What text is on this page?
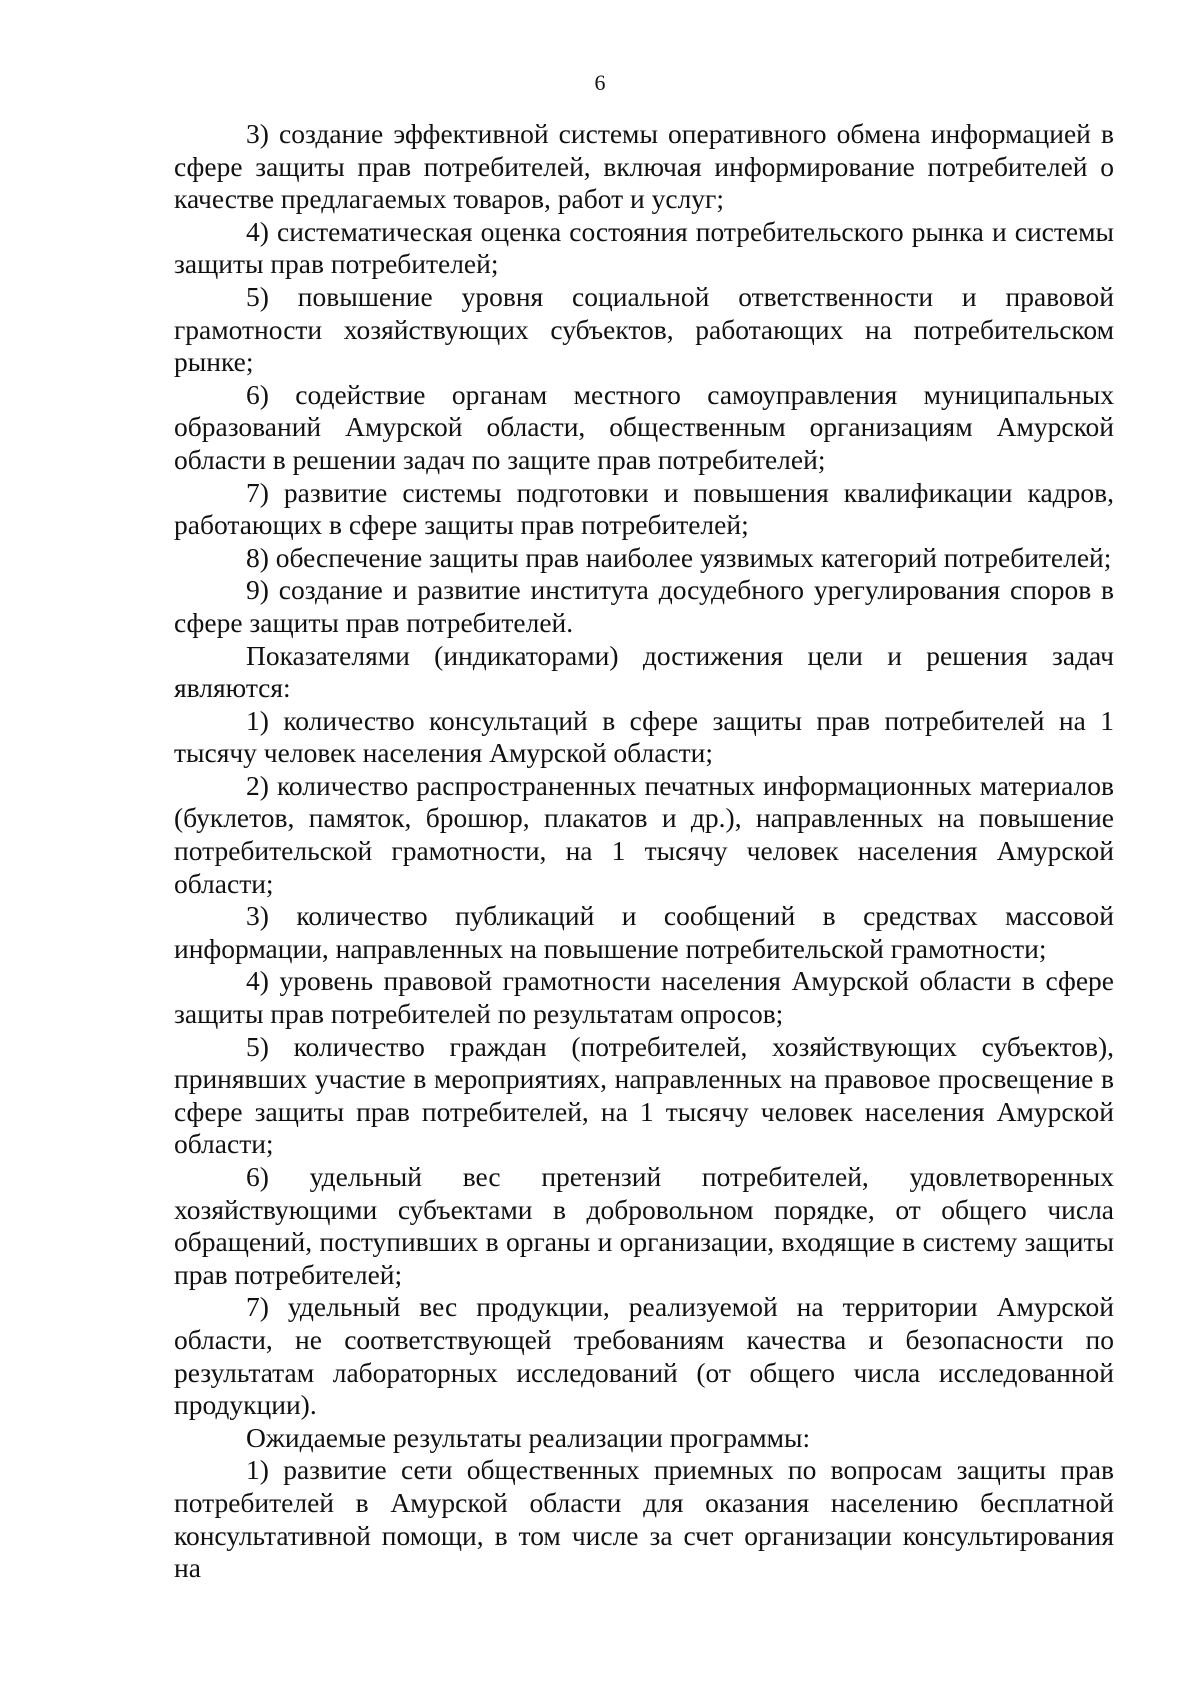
6

3) создание эффективной системы оперативного обмена информацией в сфере защиты прав потребителей, включая информирование потребителей о качестве предлагаемых товаров, работ и услуг;

4) систематическая оценка состояния потребительского рынка и системы защиты прав потребителей;

5) повышение уровня социальной ответственности и правовой грамотности хозяйствующих субъектов, работающих на потребительском рынке;

6) содействие органам местного самоуправления муниципальных образований Амурской области, общественным организациям Амурской области в решении задач по защите прав потребителей;

7) развитие системы подготовки и повышения квалификации кадров, работающих в сфере защиты прав потребителей;

8) обеспечение защиты прав наиболее уязвимых категорий потребителей;

9) создание и развитие института досудебного урегулирования споров в сфере защиты прав потребителей.

Показателями (индикаторами) достижения цели и решения задач являются:

1) количество консультаций в сфере защиты прав потребителей на 1 тысячу человек населения Амурской области;

2) количество распространенных печатных информационных материалов (буклетов, памяток, брошюр, плакатов и др.), направленных на повышение потребительской грамотности, на 1 тысячу человек населения Амурской области;

3) количество публикаций и сообщений в средствах массовой информации, направленных на повышение потребительской грамотности;

4) уровень правовой грамотности населения Амурской области в сфере защиты прав потребителей по результатам опросов;

5) количество граждан (потребителей, хозяйствующих субъектов), принявших участие в мероприятиях, направленных на правовое просвещение в сфере защиты прав потребителей, на 1 тысячу человек населения Амурской области;

6) удельный вес претензий потребителей, удовлетворенных хозяйствующими субъектами в добровольном порядке, от общего числа обращений, поступивших в органы и организации, входящие в систему защиты прав потребителей;

7) удельный вес продукции, реализуемой на территории Амурской области, не соответствующей требованиям качества и безопасности по результатам лабораторных исследований (от общего числа исследованной продукции).

Ожидаемые результаты реализации программы:

1) развитие сети общественных приемных по вопросам защиты прав потребителей в Амурской области для оказания населению бесплатной консультативной помощи, в том числе за счет организации консультирования на
